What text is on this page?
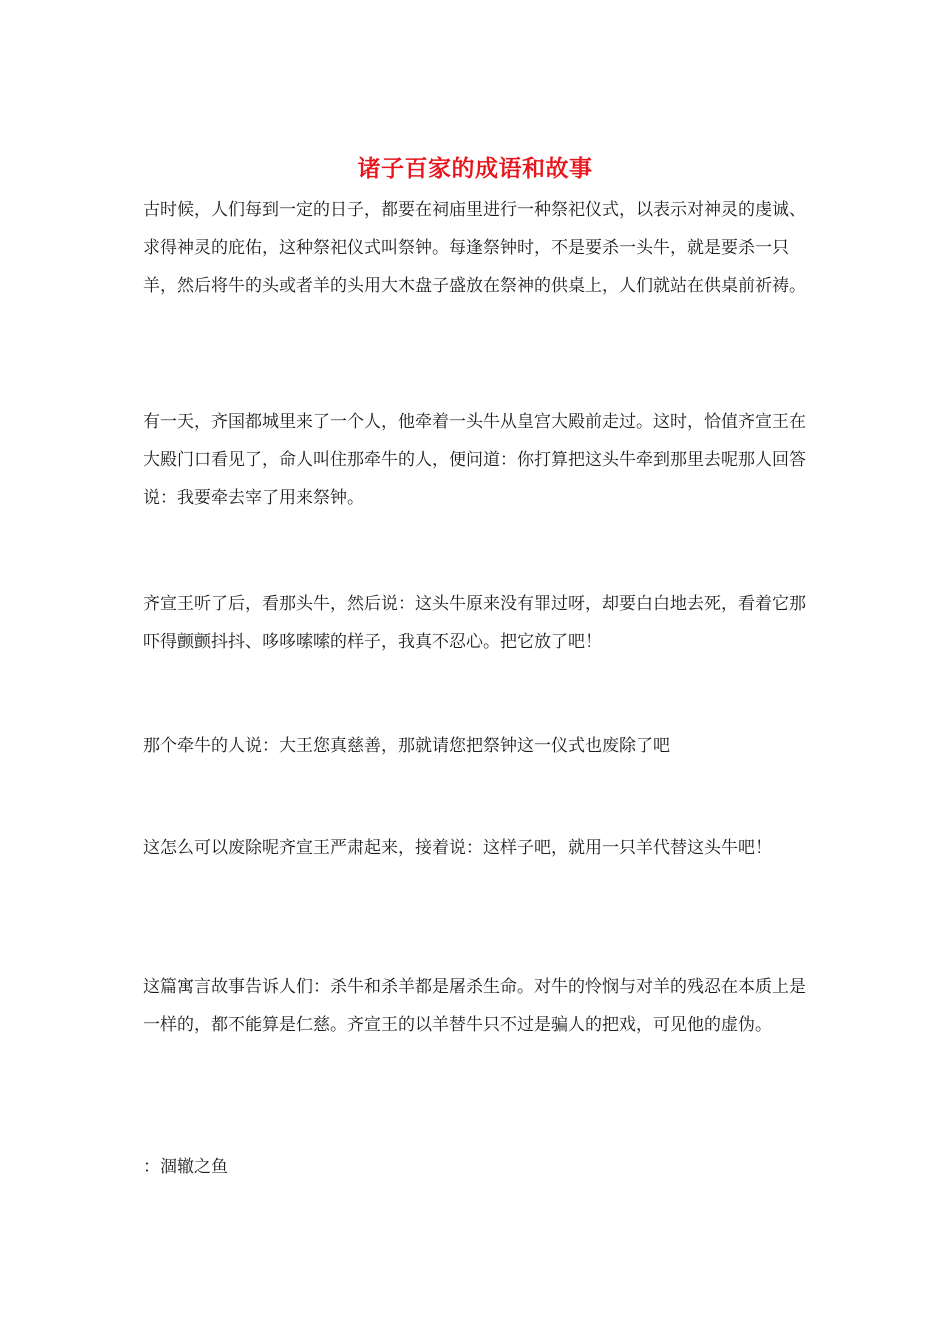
诸子百家的成语和故事

古时候，人们每到一定的日子，都要在祠庙里进行一种祭祀仪式，以表示对神灵的虔诚、求得神灵的庇佑，这种祭祀仪式叫祭钟。每逢祭钟时，不是要杀一头牛，就是要杀一只羊，然后将牛的头或者羊的头用大木盘子盛放在祭神的供桌上，人们就站在供桌前祈祷。

有一天，齐国都城里来了一个人，他牵着一头牛从皇宫大殿前走过。这时，恰值齐宣王在大殿门口看见了，命人叫住那牵牛的人，便问道：你打算把这头牛牵到那里去呢那人回答说：我要牵去宰了用来祭钟。

齐宣王听了后，看那头牛，然后说：这头牛原来没有罪过呀，却要白白地去死，看着它那吓得颤颤抖抖、哆哆嗦嗦的样子，我真不忍心。把它放了吧！

那个牵牛的人说：大王您真慈善，那就请您把祭钟这一仪式也废除了吧

这怎么可以废除呢齐宣王严肃起来，接着说：这样子吧，就用一只羊代替这头牛吧！

这篇寓言故事告诉人们：杀牛和杀羊都是屠杀生命。对牛的怜悯与对羊的残忍在本质上是一样的，都不能算是仁慈。齐宣王的以羊替牛只不过是骗人的把戏，可见他的虚伪。

：涸辙之鱼
